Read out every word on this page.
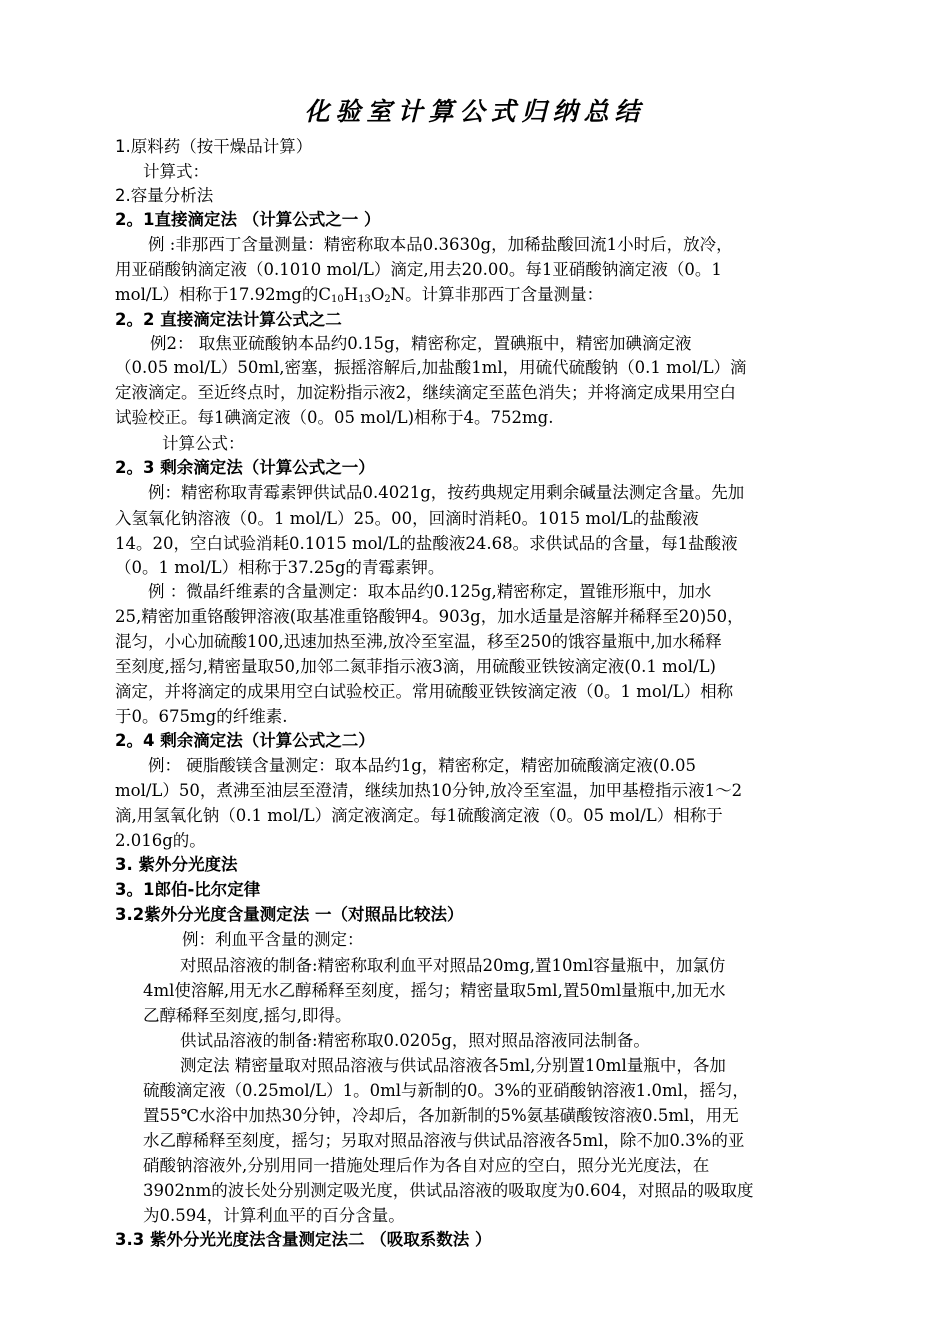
化验室计算公式归纳总结
1.原料药（按干燥品计算）
计算式：
2.容量分析法
2。1直接滴定法 （计算公式之一 ）
例 :非那西丁含量测量：精密称取本品0.3630g，加稀盐酸回流1小时后，放冷，
用亚硝酸钠滴定液（0.1010 mol/L）滴定,用去20.00。每1亚硝酸钠滴定液（0。1
mol/L）相称于17.92mg的$C_{10}H_{13}O_2N$。计算非那西丁含量测量：
2。2 直接滴定法计算公式之二
例2： 取焦亚硫酸钠本品约0.15g，精密称定，置碘瓶中，精密加碘滴定液
（0.05 mol/L）50ml,密塞，振摇溶解后,加盐酸1ml，用硫代硫酸钠（0.1 mol/L）滴
定液滴定。至近终点时，加淀粉指示液2，继续滴定至蓝色消失；并将滴定成果用空白
试验校正。每1碘滴定液（0。05 mol/L)相称于4。752mg.
计算公式：
2。3 剩余滴定法（计算公式之一）
例：精密称取青霉素钾供试品0.4021g，按药典规定用剩余碱量法测定含量。先加
入氢氧化钠溶液（0。1 mol/L）25。00，回滴时消耗0。1015 mol/L的盐酸液
14。20，空白试验消耗0.1015 mol/L的盐酸液24.68。求供试品的含量，每1盐酸液
（0。1 mol/L）相称于37.25g的青霉素钾。
例 ：微晶纤维素的含量测定：取本品约0.125g,精密称定，置锥形瓶中，加水
25,精密加重铬酸钾溶液(取基准重铬酸钾4。903g，加水适量是溶解并稀释至20)50，
混匀，小心加硫酸100,迅速加热至沸,放冷至室温，移至250的饿容量瓶中,加水稀释
至刻度,摇匀,精密量取50,加邻二氮菲指示液3滴，用硫酸亚铁铵滴定液(0.1 mol/L)
滴定，并将滴定的成果用空白试验校正。常用硫酸亚铁铵滴定液（0。1 mol/L）相称
于0。675mg的纤维素.
2。4 剩余滴定法（计算公式之二）
例： 硬脂酸镁含量测定：取本品约1g，精密称定，精密加硫酸滴定液(0.05
mol/L）50，煮沸至油层至澄清，继续加热10分钟,放冷至室温，加甲基橙指示液1～2
滴,用氢氧化钠（0.1 mol/L）滴定液滴定。每1硫酸滴定液（0。05 mol/L）相称于
2.016g的。
3. 紫外分光度法
3。1郎伯-比尔定律
3.2紫外分光度含量测定法 一（对照品比较法）
例：利血平含量的测定：
对照品溶液的制备:精密称取利血平对照品20mg,置10ml容量瓶中，加氯仿
4ml使溶解,用无水乙醇稀释至刻度，摇匀；精密量取5ml,置50ml量瓶中,加无水
乙醇稀释至刻度,摇匀,即得。
供试品溶液的制备:精密称取0.0205g，照对照品溶液同法制备。
测定法 精密量取对照品溶液与供试品溶液各5ml,分别置10ml量瓶中，各加
硫酸滴定液（0.25mol/L）1。0ml与新制的0。3%的亚硝酸钠溶液1.0ml，摇匀，
置55℃水浴中加热30分钟，冷却后，各加新制的5%氨基磺酸铵溶液0.5ml，用无
水乙醇稀释至刻度，摇匀；另取对照品溶液与供试品溶液各5ml，除不加0.3%的亚
硝酸钠溶液外,分别用同一措施处理后作为各自对应的空白，照分光光度法，在
3902nm的波长处分别测定吸光度，供试品溶液的吸取度为0.604，对照品的吸取度
为0.594，计算利血平的百分含量。
3.3 紫外分光光度法含量测定法二 （吸取系数法 ）
